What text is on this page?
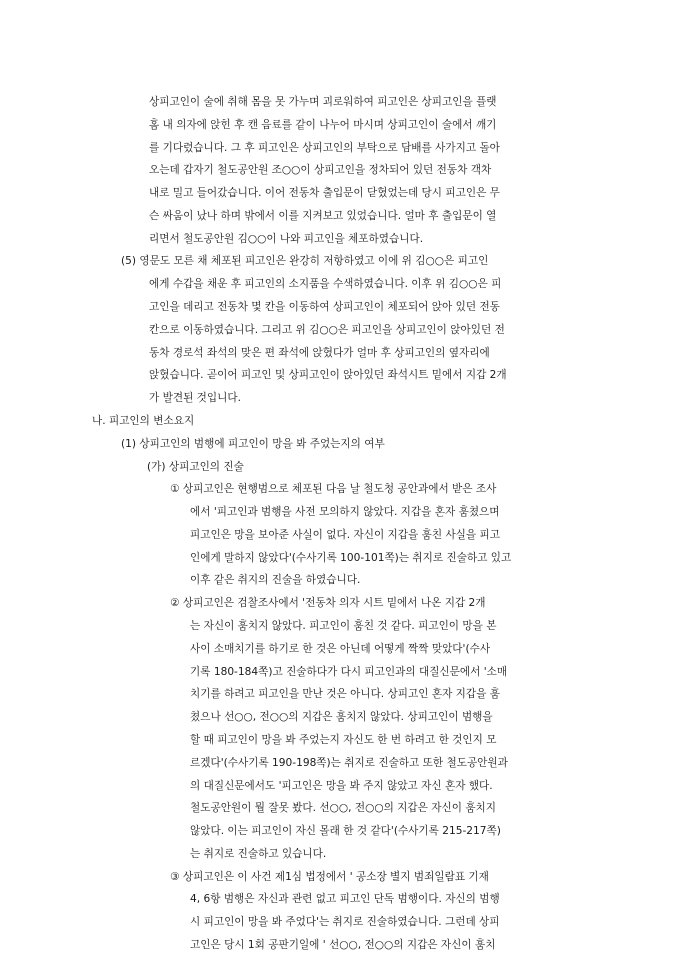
상피고인이 술에 취해 몸을 못 가누며 괴로워하여 피고인은 상피고인을 플랫
홈 내 의자에 앉힌 후 캔 음료를 같이 나누어 마시며 상피고인이 술에서 깨기
를 기다렸습니다. 그 후 피고인은 상피고인의 부탁으로 담배를 사가지고 돌아
오는데 갑자기 철도공안원 조○○이 상피고인을 정차되어 있던 전동차 객차
내로 밀고 들어갔습니다. 이어 전동차 출입문이 닫혔었는데 당시 피고인은 무
슨 싸움이 났나 하며 밖에서 이를 지켜보고 있었습니다. 얼마 후 출입문이 열
리면서 철도공안원 김○○이 나와 피고인을 체포하였습니다.
(5) 영문도 모른 채 체포된 피고인은 완강히 저항하였고 이에 위 김○○은 피고인
에게 수갑을 채운 후 피고인의 소지품을 수색하였습니다. 이후 위 김○○은 피
고인을 데리고 전동차 몇 칸을 이동하여 상피고인이 체포되어 앉아 있던 전동
칸으로 이동하였습니다. 그리고 위 김○○은 피고인을 상피고인이 앉아있던 전
동차 경로석 좌석의 맞은 편 좌석에 앉혔다가 얼마 후 상피고인의 옆자리에
앉혔습니다. 곧이어 피고인 및 상피고인이 앉아있던 좌석시트 밑에서 지갑 2개
가 발견된 것입니다.
나. 피고인의 변소요지
(1) 상피고인의 범행에 피고인이 망을 봐 주었는지의 여부
(가) 상피고인의 진술
① 상피고인은 현행범으로 체포된 다음 날 철도청 공안과에서 받은 조사
에서 '피고인과 범행을 사전 모의하지 않았다. 지갑을 혼자 훔쳤으며
피고인은 망을 보아준 사실이 없다. 자신이 지갑을 훔친 사실을 피고
인에게 말하지 않았다'(수사기록 100-101쪽)는 취지로 진술하고 있고
이후 같은 취지의 진술을 하였습니다.
② 상피고인은 검찰조사에서 '전동차 의자 시트 밑에서 나온 지갑 2개
는 자신이 훔치지 않았다. 피고인이 훔친 것 같다. 피고인이 망을 본
사이 소매치기를 하기로 한 것은 아닌데 어떻게 짝짝 맞았다'(수사
기록 180-184쪽)고 진술하다가 다시 피고인과의 대질신문에서 '소매
치기를 하려고 피고인을 만난 것은 아니다. 상피고인 혼자 지갑을 훔
쳤으나 선○○, 전○○의 지갑은 훔치지 않았다. 상피고인이 범행을
할 때 피고인이 망을 봐 주었는지 자신도 한 번 하려고 한 것인지 모
르겠다'(수사기록 190-198쪽)는 취지로 진술하고 또한 철도공안원과
의 대질신문에서도 '피고인은 망을 봐 주지 않았고 자신 혼자 했다.
철도공안원이 뭘 잘못 봤다. 선○○, 전○○의 지갑은 자신이 훔치지
않았다. 이는 피고인이 자신 몰래 한 것 같다'(수사기록 215-217쪽)
는 취지로 진술하고 있습니다.
③ 상피고인은 이 사건 제1심 법정에서 ' 공소장 별지 범죄일람표 기재
4, 6항 범행은 자신과 관련 없고 피고인 단독 범행이다. 자신의 범행
시 피고인이 망을 봐 주었다'는 취지로 진술하였습니다. 그런데 상피
고인은 당시 1회 공판기일에 ' 선○○, 전○○의 지갑은 자신이 훔치
